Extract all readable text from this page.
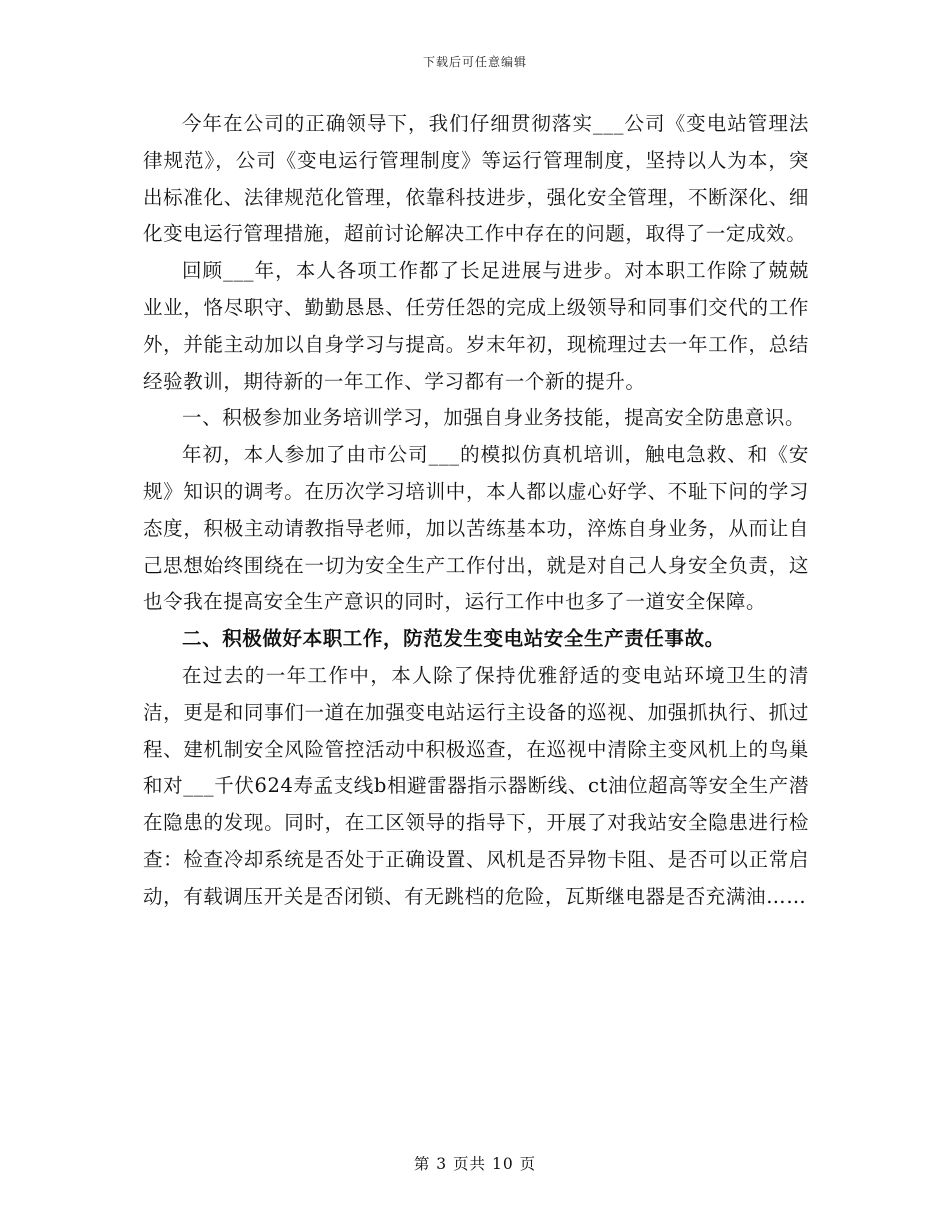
下载后可任意编辑

今年在公司的正确领导下，我们仔细贯彻落实___公司《变电站管理法律规范》，公司《变电运行管理制度》等运行管理制度，坚持以人为本，突出标准化、法律规范化管理，依靠科技进步，强化安全管理，不断深化、细化变电运行管理措施，超前讨论解决工作中存在的问题，取得了一定成效。

回顾___年，本人各项工作都了长足进展与进步。对本职工作除了兢兢业业，恪尽职守、勤勤恳恳、任劳任怨的完成上级领导和同事们交代的工作外，并能主动加以自身学习与提高。岁末年初，现梳理过去一年工作，总结经验教训，期待新的一年工作、学习都有一个新的提升。

一、积极参加业务培训学习，加强自身业务技能，提高安全防患意识。

年初，本人参加了由市公司___的模拟仿真机培训，触电急救、和《安规》知识的调考。在历次学习培训中，本人都以虚心好学、不耻下问的学习态度，积极主动请教指导老师，加以苦练基本功，淬炼自身业务，从而让自己思想始终围绕在一切为安全生产工作付出，就是对自己人身安全负责，这也令我在提高安全生产意识的同时，运行工作中也多了一道安全保障。

二、积极做好本职工作，防范发生变电站安全生产责任事故。

在过去的一年工作中，本人除了保持优雅舒适的变电站环境卫生的清洁，更是和同事们一道在加强变电站运行主设备的巡视、加强抓执行、抓过程、建机制安全风险管控活动中积极巡查，在巡视中清除主变风机上的鸟巢和对___千伏624寿孟支线b相避雷器指示器断线、ct油位超高等安全生产潜在隐患的发现。同时，在工区领导的指导下，开展了对我站安全隐患进行检查：检查冷却系统是否处于正确设置、风机是否异物卡阻、是否可以正常启动，有载调压开关是否闭锁、有无跳档的危险，瓦斯继电器是否充满油……

第 3 页共 10 页
